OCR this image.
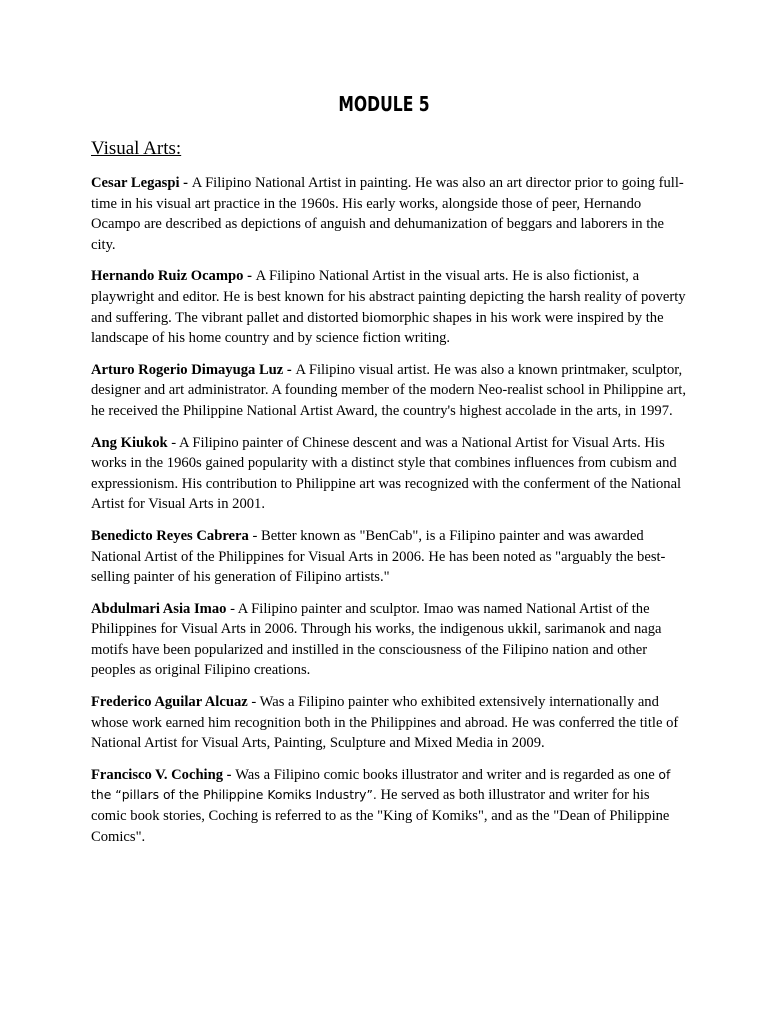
MODULE 5
Visual Arts:

Cesar Legaspi - A Filipino National Artist in painting. He was also an art director prior to going full-time in his visual art practice in the 1960s. His early works, alongside those of peer, Hernando Ocampo are described as depictions of anguish and dehumanization of beggars and laborers in the city.

Hernando Ruiz Ocampo - A Filipino National Artist in the visual arts. He is also fictionist, a playwright and editor. He is best known for his abstract painting depicting the harsh reality of poverty and suffering. The vibrant pallet and distorted biomorphic shapes in his work were inspired by the landscape of his home country and by science fiction writing.

Arturo Rogerio Dimayuga Luz - A Filipino visual artist. He was also a known printmaker, sculptor, designer and art administrator. A founding member of the modern Neo-realist school in Philippine art, he received the Philippine National Artist Award, the country's highest accolade in the arts, in 1997.

Ang Kiukok - A Filipino painter of Chinese descent and was a National Artist for Visual Arts. His works in the 1960s gained popularity with a distinct style that combines influences from cubism and expressionism. His contribution to Philippine art was recognized with the conferment of the National Artist for Visual Arts in 2001.

Benedicto Reyes Cabrera - Better known as "BenCab", is a Filipino painter and was awarded National Artist of the Philippines for Visual Arts in 2006. He has been noted as "arguably the best-selling painter of his generation of Filipino artists."

Abdulmari Asia Imao - A Filipino painter and sculptor. Imao was named National Artist of the Philippines for Visual Arts in 2006. Through his works, the indigenous ukkil, sarimanok and naga motifs have been popularized and instilled in the consciousness of the Filipino nation and other peoples as original Filipino creations.

Frederico Aguilar Alcuaz - Was a Filipino painter who exhibited extensively internationally and whose work earned him recognition both in the Philippines and abroad. He was conferred the title of National Artist for Visual Arts, Painting, Sculpture and Mixed Media in 2009.

Francisco V. Coching - Was a Filipino comic books illustrator and writer and is regarded as one of the “pillars of the Philippine Komiks Industry”. He served as both illustrator and writer for his comic book stories, Coching is referred to as the "King of Komiks", and as the "Dean of Philippine Comics".
